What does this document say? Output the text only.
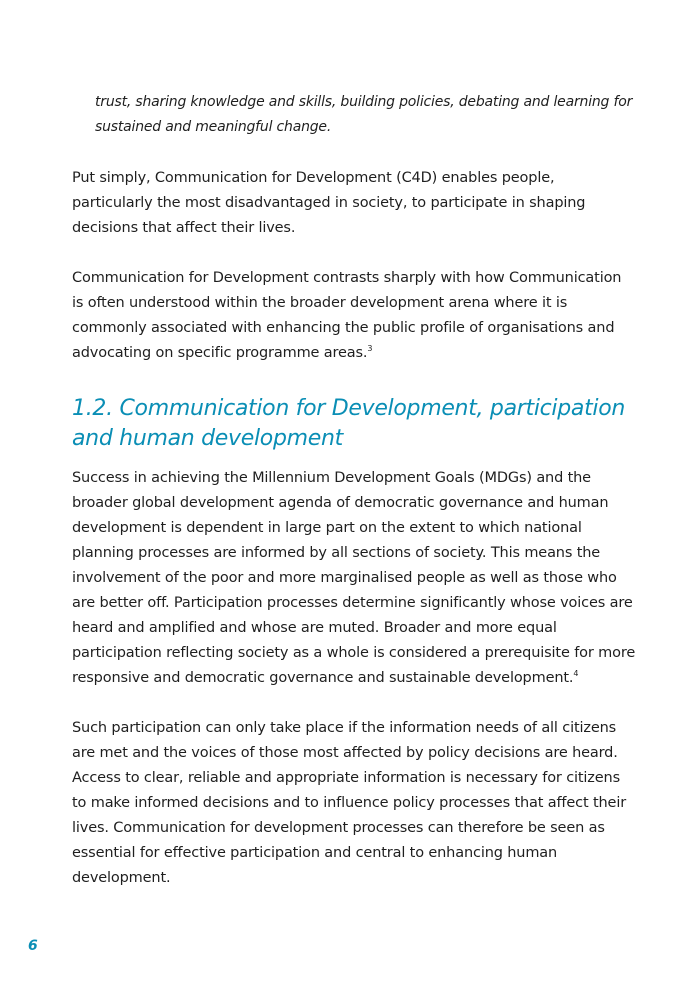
trust, sharing knowledge and skills, building policies, debating and learning for sustained and meaningful change.
Put simply, Communication for Development (C4D) enables people, particularly the most disadvantaged in society, to participate in shaping decisions that affect their lives.
Communication for Development contrasts sharply with how Communication is often understood within the broader development arena where it is commonly associated with enhancing the public profile of organisations and advocating on specific programme areas.$^3$
1.2. Communication for Development, participation and human development
Success in achieving the Millennium Development Goals (MDGs) and the broader global development agenda of democratic governance and human development is dependent in large part on the extent to which national planning processes are informed by all sections of society. This means the involvement of the poor and more marginalised people as well as those who are better off. Participation processes determine significantly whose voices are heard and amplified and whose are muted. Broader and more equal participation reflecting society as a whole is considered a prerequisite for more responsive and democratic governance and sustainable development.$^4$
Such participation can only take place if the information needs of all citizens are met and the voices of those most affected by policy decisions are heard. Access to clear, reliable and appropriate information is necessary for citizens to make informed decisions and to influence policy processes that affect their lives. Communication for development processes can therefore be seen as essential for effective participation and central to enhancing human development.
6
